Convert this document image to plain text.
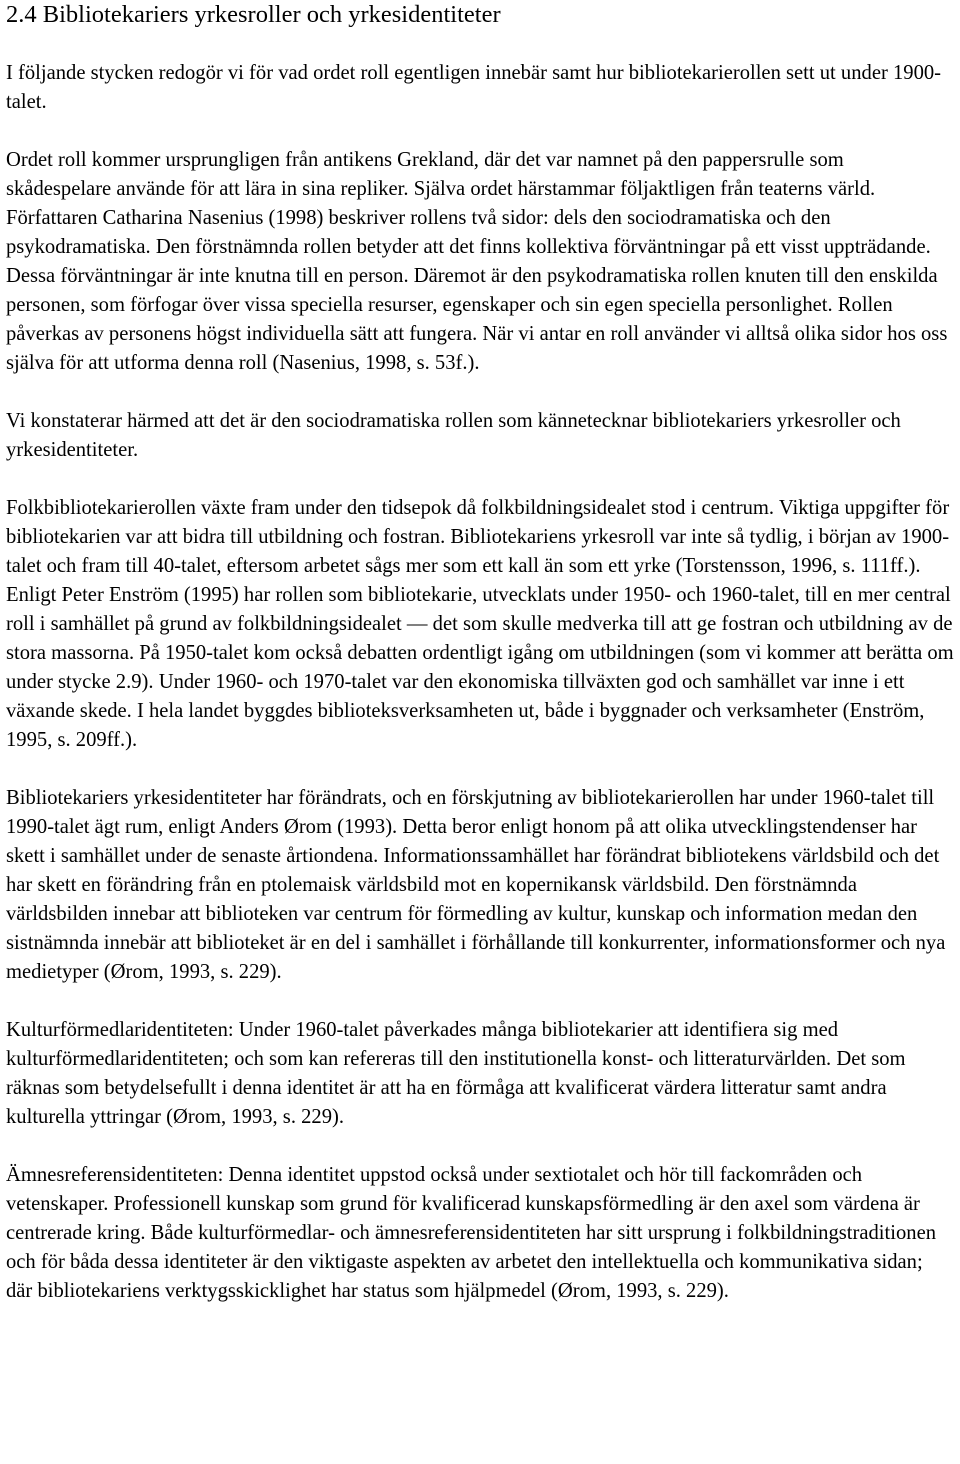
2.4 Bibliotekariers yrkesroller och yrkesidentiteter

I följande stycken redogör vi för vad ordet roll egentligen innebär samt hur bibliotekarierollen sett ut under 1900-talet.

Ordet roll kommer ursprungligen från antikens Grekland, där det var namnet på den pappersrulle som skådespelare använde för att lära in sina repliker. Själva ordet härstammar följaktligen från teaterns värld. Författaren Catharina Nasenius (1998) beskriver rollens två sidor: dels den sociodramatiska och den psykodramatiska. Den förstnämnda rollen betyder att det finns kollektiva förväntningar på ett visst uppträdande. Dessa förväntningar är inte knutna till en person. Däremot är den psykodramatiska rollen knuten till den enskilda personen, som förfogar över vissa speciella resurser, egenskaper och sin egen speciella personlighet. Rollen påverkas av personens högst individuella sätt att fungera. När vi antar en roll använder vi alltså olika sidor hos oss själva för att utforma denna roll (Nasenius, 1998, s. 53f.).

Vi konstaterar härmed att det är den sociodramatiska rollen som kännetecknar bibliotekariers yrkesroller och yrkesidentiteter.

Folkbibliotekarierollen växte fram under den tidsepok då folkbildningsidealet stod i centrum. Viktiga uppgifter för bibliotekarien var att bidra till utbildning och fostran. Bibliotekariens yrkesroll var inte så tydlig, i början av 1900-talet och fram till 40-talet, eftersom arbetet sågs mer som ett kall än som ett yrke (Torstensson, 1996, s. 111ff.). Enligt Peter Enström (1995) har rollen som bibliotekarie, utvecklats under 1950- och 1960-talet, till en mer central roll i samhället på grund av folkbildningsidealet — det som skulle medverka till att ge fostran och utbildning av de stora massorna. På 1950-talet kom också debatten ordentligt igång om utbildningen (som vi kommer att berätta om under stycke 2.9). Under 1960- och 1970-talet var den ekonomiska tillväxten god och samhället var inne i ett växande skede. I hela landet byggdes biblioteksverksamheten ut, både i byggnader och verksamheter (Enström, 1995, s. 209ff.).

Bibliotekariers yrkesidentiteter har förändrats, och en förskjutning av bibliotekarierollen har under 1960-talet till 1990-talet ägt rum, enligt Anders Ørom (1993). Detta beror enligt honom på att olika utvecklingstendenser har skett i samhället under de senaste årtiondena. Informationssamhället har förändrat bibliotekens världsbild och det har skett en förändring från en ptolemaisk världsbild mot en kopernikansk världsbild. Den förstnämnda världsbilden innebar att biblioteken var centrum för förmedling av kultur, kunskap och information medan den sistnämnda innebär att biblioteket är en del i samhället i förhållande till konkurrenter, informationsformer och nya medietyper (Ørom, 1993, s. 229).

Kulturförmedlaridentiteten: Under 1960-talet påverkades många bibliotekarier att identifiera sig med kulturförmedlaridentiteten; och som kan refereras till den institutionella konst- och litteraturvärlden. Det som räknas som betydelsefullt i denna identitet är att ha en förmåga att kvalificerat värdera litteratur samt andra kulturella yttringar (Ørom, 1993, s. 229).

Ämnesreferensidentiteten: Denna identitet uppstod också under sextiotalet och hör till fackområden och vetenskaper. Professionell kunskap som grund för kvalificerad kunskapsförmedling är den axel som värdena är centrerade kring. Både kulturförmedlar- och ämnesreferensidentiteten har sitt ursprung i folkbildningstraditionen och för båda dessa identiteter är den viktigaste aspekten av arbetet den intellektuella och kommunikativa sidan; där bibliotekariens verktygsskicklighet har status som hjälpmedel (Ørom, 1993, s. 229).
